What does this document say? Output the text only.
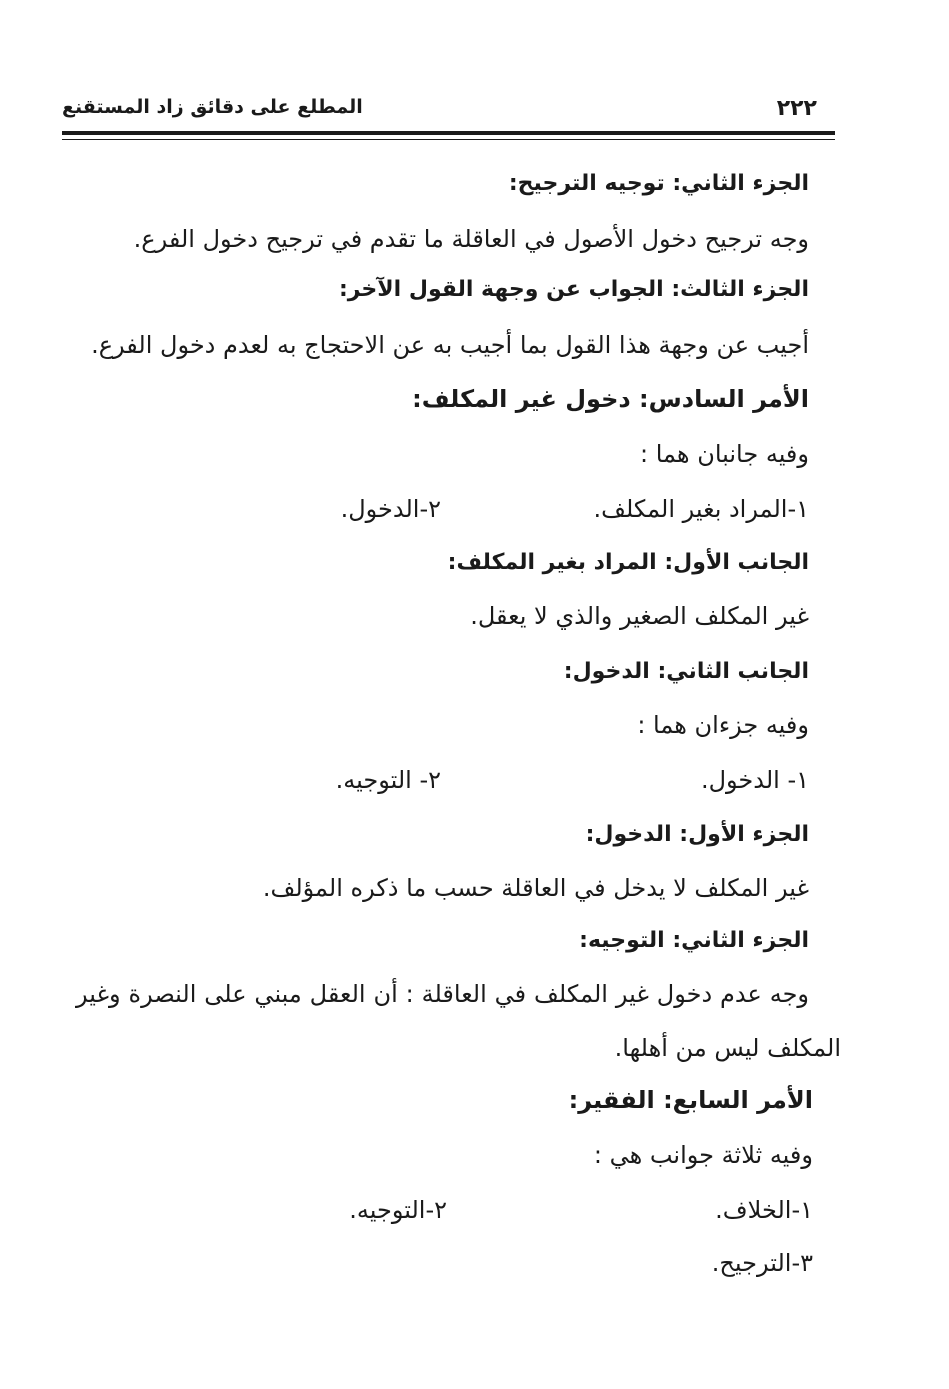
٢٢٢
المطلع على دقائق زاد المستقنع
الجزء الثاني: توجيه الترجيح:
وجه ترجيح دخول الأصول في العاقلة ما تقدم في ترجيح دخول الفرع.
الجزء الثالث: الجواب عن وجهة القول الآخر:
أجيب عن وجهة هذا القول بما أجيب به عن الاحتجاج به لعدم دخول الفرع.
الأمر السادس: دخول غير المكلف:
وفيه جانبان هما :
١-المراد بغير المكلف.
٢-الدخول.
الجانب الأول: المراد بغير المكلف:
غير المكلف الصغير والذي لا يعقل.
الجانب الثاني: الدخول:
وفيه جزءان هما :
١- الدخول.
٢- التوجيه.
الجزء الأول: الدخول:
غير المكلف لا يدخل في العاقلة حسب ما ذكره المؤلف.
الجزء الثاني: التوجيه:
وجه عدم دخول غير المكلف في العاقلة : أن العقل مبني على النصرة وغير
المكلف ليس من أهلها.
الأمر السابع: الفقير:
وفيه ثلاثة جوانب هي :
١-الخلاف.
٢-التوجيه.
٣-الترجيح.
